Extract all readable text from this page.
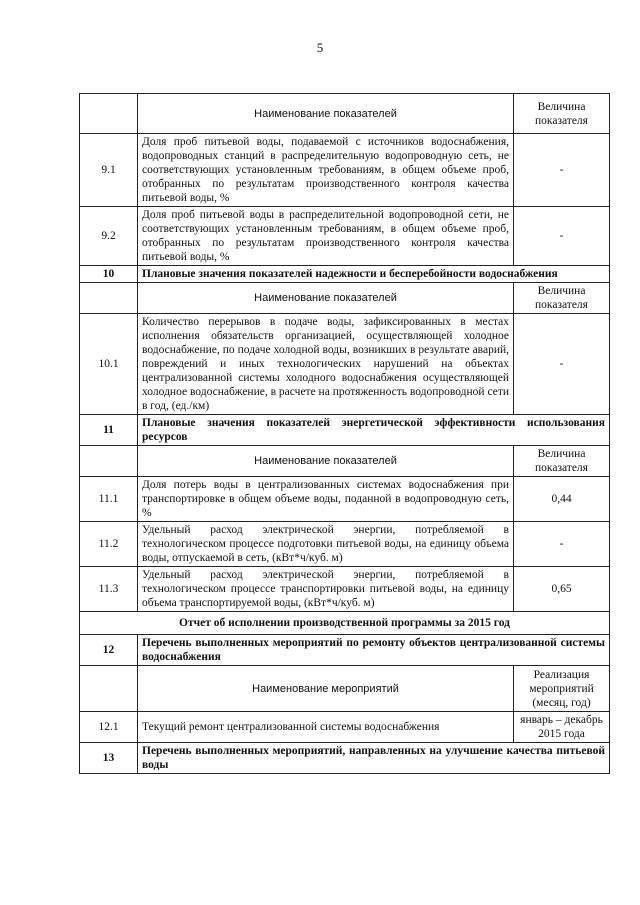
5
	Наименование показателей	Величина показателя
9.1	Доля проб питьевой воды, подаваемой с источников водоснабжения, водопроводных станций в распределительную водопроводную сеть, не соответствующих установленным требованиям, в общем объеме проб, отобранных по результатам производственного контроля качества питьевой воды, %	-
9.2	Доля проб питьевой воды в распределительной водопроводной сети, не соответствующих установленным требованиям, в общем объеме проб, отобранных по результатам производственного контроля качества питьевой воды, %	-
10	Плановые значения показателей надежности и бесперебойности водоснабжения	
	Наименование показателей	Величина показателя
10.1	Количество перерывов в подаче воды, зафиксированных в местах исполнения обязательств организацией, осуществляющей холодное водоснабжение, по подаче холодной воды, возникших в результате аварий, повреждений и иных технологических нарушений на объектах централизованной системы холодного водоснабжения осуществляющей холодное водоснабжение, в расчете на протяженность водопроводной сети в год, (ед./км)	-
11	Плановые значения показателей энергетической эффективности использования ресурсов	
	Наименование показателей	Величина показателя
11.1	Доля потерь воды в централизованных системах водоснабжения при транспортировке в общем объеме воды, поданной в водопроводную сеть, %	0,44
11.2	Удельный расход электрической энергии, потребляемой в технологическом процессе подготовки питьевой воды, на единицу объема воды, отпускаемой в сеть, (кВт*ч/куб. м)	-
11.3	Удельный расход электрической энергии, потребляемой в технологическом процессе транспортировки питьевой воды, на единицу объема транспортируемой воды, (кВт*ч/куб. м)	0,65
Отчет об исполнении производственной программы за 2015 год		
12	Перечень выполненных мероприятий по ремонту объектов централизованной системы водоснабжения	
	Наименование мероприятий	Реализация мероприятий (месяц, год)
12.1	Текущий ремонт централизованной системы водоснабжения	январь – декабрь 2015 года
13	Перечень выполненных мероприятий, направленных на улучшение качества питьевой воды	
